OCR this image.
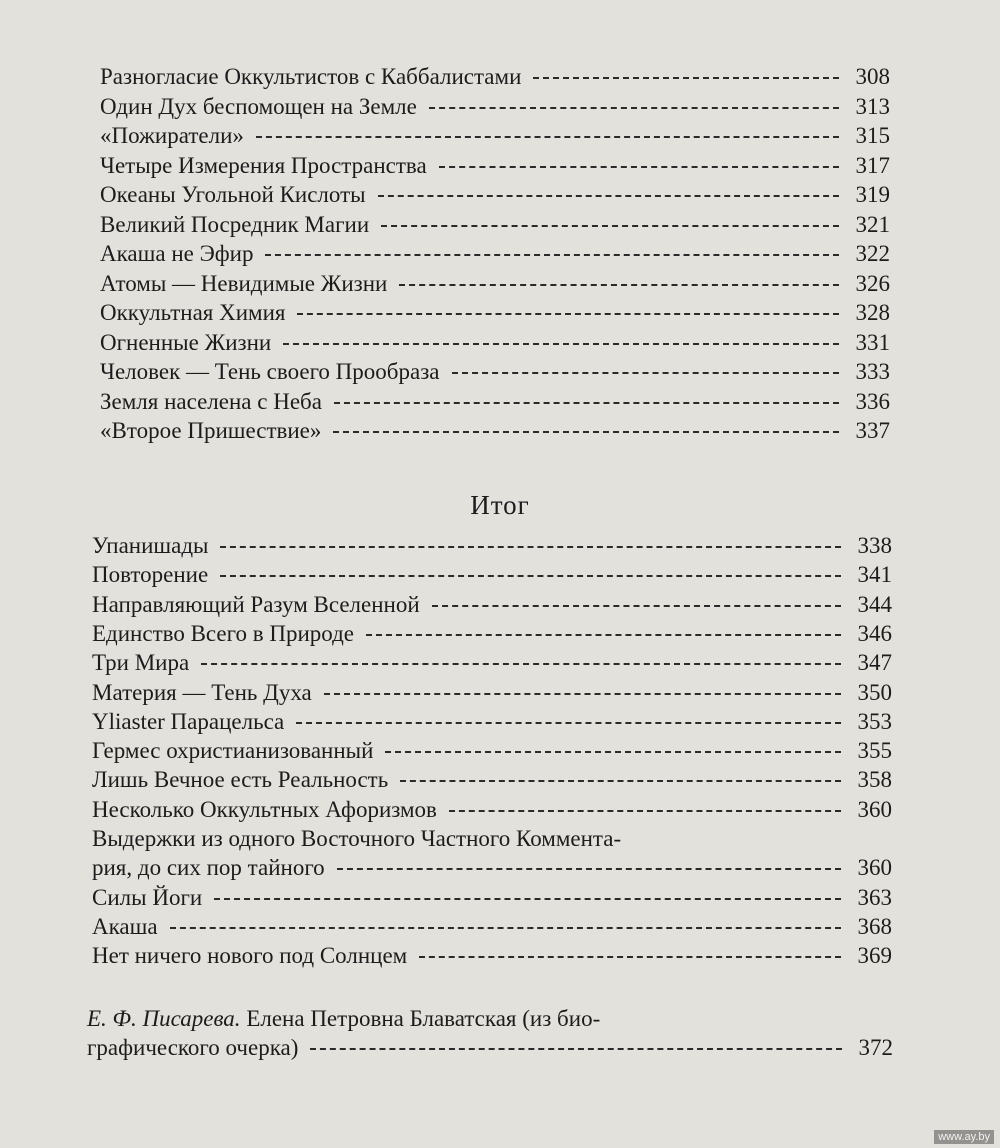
Разногласие Оккультистов с Каббалистами	308
Один Дух беспомощен на Земле	313
«Пожиратели»	315
Четыре Измерения Пространства	317
Океаны Угольной Кислоты	319
Великий Посредник Магии	321
Акаша не Эфир	322
Атомы — Невидимые Жизни	326
Оккультная Химия	328
Огненные Жизни	331
Человек — Тень своего Прообраза	333
Земля населена с Неба	336
«Второе Пришествие»	337
Итог
Упанишады	338
Повторение	341
Направляющий Разум Вселенной	344
Единство Всего в Природе	346
Три Мира	347
Материя — Тень Духа	350
Yliaster Парацельса	353
Гермес охристианизованный	355
Лишь Вечное есть Реальность	358
Несколько Оккультных Афоризмов	360
Выдержки из одного Восточного Частного Коммента-
рия, до сих пор тайного	360
Силы Йоги	363
Акаша	368
Нет ничего нового под Солнцем	369
Е. Ф. Писарева. Елена Петровна Блаватская (из био-
графического очерка)	372
www.ay.by
